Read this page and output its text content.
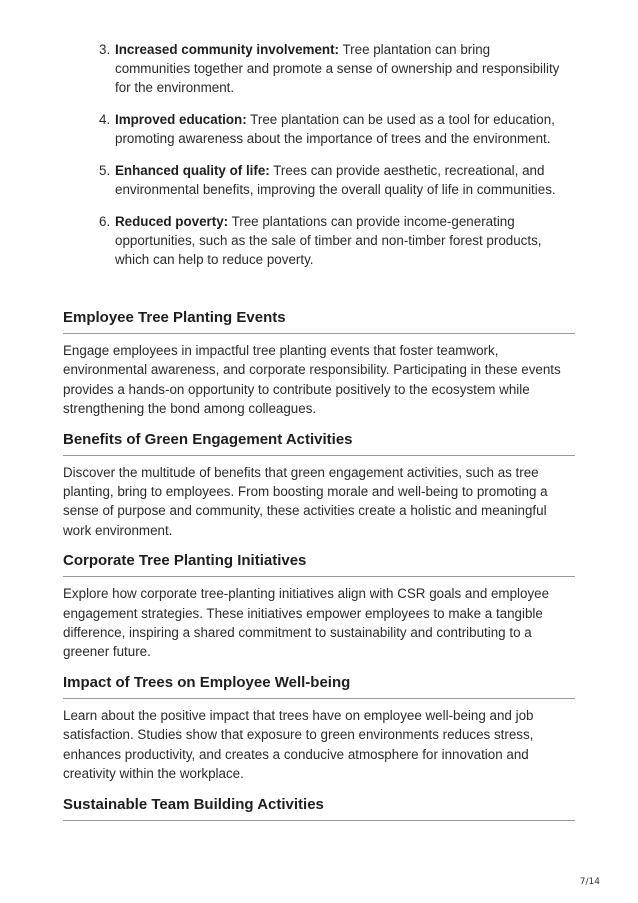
3. Increased community involvement: Tree plantation can bring communities together and promote a sense of ownership and responsibility for the environment.
4. Improved education: Tree plantation can be used as a tool for education, promoting awareness about the importance of trees and the environment.
5. Enhanced quality of life: Trees can provide aesthetic, recreational, and environmental benefits, improving the overall quality of life in communities.
6. Reduced poverty: Tree plantations can provide income-generating opportunities, such as the sale of timber and non-timber forest products, which can help to reduce poverty.
Employee Tree Planting Events

Engage employees in impactful tree planting events that foster teamwork, environmental awareness, and corporate responsibility. Participating in these events provides a hands-on opportunity to contribute positively to the ecosystem while strengthening the bond among colleagues.

Benefits of Green Engagement Activities

Discover the multitude of benefits that green engagement activities, such as tree planting, bring to employees. From boosting morale and well-being to promoting a sense of purpose and community, these activities create a holistic and meaningful work environment.

Corporate Tree Planting Initiatives

Explore how corporate tree-planting initiatives align with CSR goals and employee engagement strategies. These initiatives empower employees to make a tangible difference, inspiring a shared commitment to sustainability and contributing to a greener future.

Impact of Trees on Employee Well-being

Learn about the positive impact that trees have on employee well-being and job satisfaction. Studies show that exposure to green environments reduces stress, enhances productivity, and creates a conducive atmosphere for innovation and creativity within the workplace.

Sustainable Team Building Activities
7/14
